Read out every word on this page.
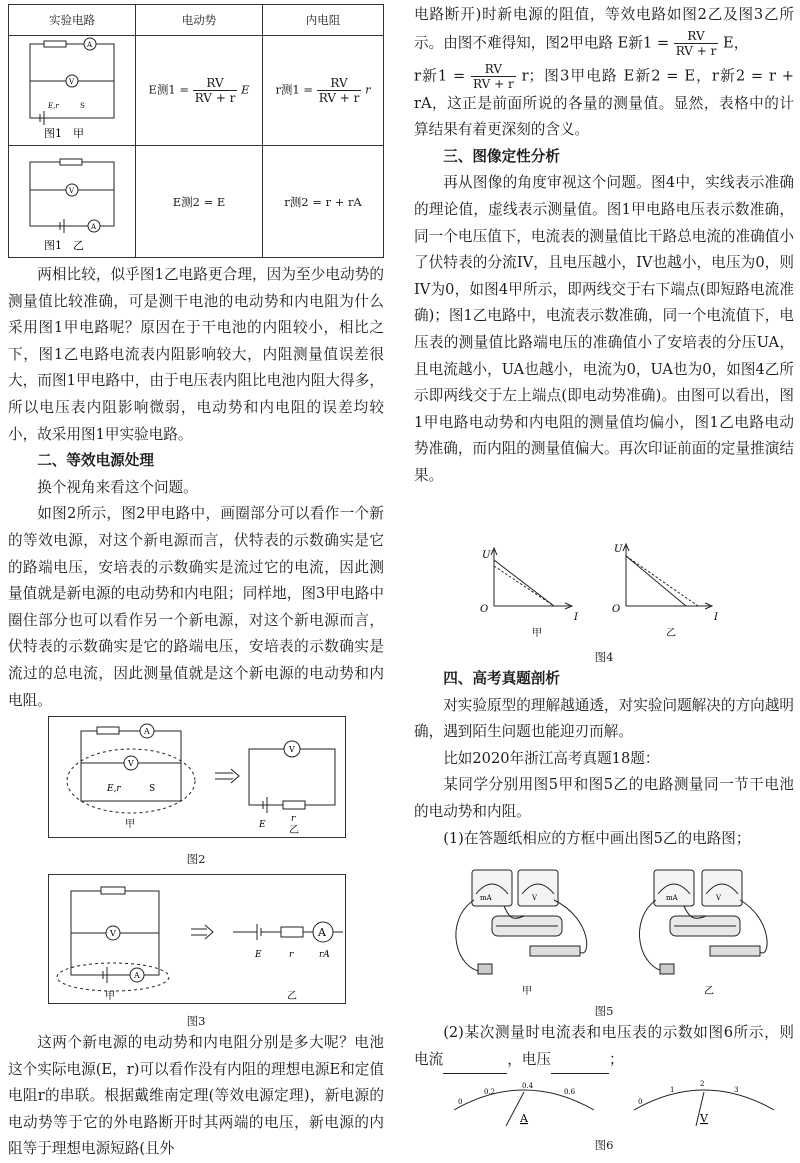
实验电路	电动势	内电阻

A
V
E,r S
图1　甲	E测$1 = \frac{RV}{RV + r}$ E	r测$1 = \frac{RV}{RV + r}$ r

V
A
图1　乙	E测2 = E	r测2 = r + rA

两相比较，似乎图1乙电路更合理，因为至少电动势的测量值比较准确，可是测干电池的电动势和内电阻为什么采用图1甲电路呢？原因在于干电池的内阻较小，相比之下，图1乙电路电流表内阻影响较大，内阻测量值误差很大，而图1甲电路中，由于电压表内阻比电池内阻大得多，所以电压表内阻影响微弱，电动势和内电阻的误差均较小，故采用图1甲实验电路。

二、等效电源处理

换个视角来看这个问题。

如图2所示，图2甲电路中，画圈部分可以看作一个新的等效电源，对这个新电源而言，伏特表的示数确实是它的路端电压，安培表的示数确实是流过它的电流，因此测量值就是新电源的电动势和内电阻；同样地，图3甲电路中圈住部分也可以看作另一个新电源，对这个新电源而言，伏特表的示数确实是它的路端电压，安培表的示数确实是流过的总电流，因此测量值就是这个新电源的电动势和内电阻。

V
A
V
E,r	S
E
r
甲
乙
图2
V
A
A
E	r	rA
甲	乙
图3

这两个新电源的电动势和内电阻分别是多大呢？电池这个实际电源(E，r)可以看作没有内阻的理想电源E和定值电阻r的串联。根据戴维南定理(等效电源定理)，新电源的电动势等于它的外电路断开时其两端的电压，新电源的内阻等于理想电源短路(且外

电路断开)时新电源的阻值，等效电路如图2乙及图3乙所示。由图不难得知，图2甲电路 E新$1 = \frac{RV}{RV + r}$ E，

r新$1 = \frac{RV}{RV + r}$ r；图3甲电路 E新2 = E，r新2 = r + rA，这正是前面所说的各量的测量值。显然，表格中的计算结果有着更深刻的含义。

三、图像定性分析

再从图像的角度审视这个问题。图4中，实线表示准确的理论值，虚线表示测量值。图1甲电路电压表示数准确，同一个电压值下，电流表的测量值比干路总电流的准确值小了伏特表的分流IV，且电压越小，IV也越小，电压为0，则IV为0，如图4甲所示，即两线交于右下端点(即短路电流准确)；图1乙电路中，电流表示数准确，同一个电流值下，电压表的测量值比路端电压的准确值小了安培表的分压UA，且电流越小，UA也越小，电流为0，UA也为0，如图4乙所示即两线交于左上端点(即电动势准确)。由图可以看出，图1甲电路电动势和内电阻的测量值均偏小，图1乙电路电动势准确，而内阻的测量值偏大。再次印证前面的定量推演结果。

U
O
I
U
O
I
甲	乙
图4
四、高考真题剖析

对实验原型的理解越通透，对实验问题解决的方向越明确，遇到陌生问题也能迎刃而解。

比如2020年浙江高考真题18题：

某同学分别用图5甲和图5乙的电路测量同一节干电池的电动势和内阻。

(1)在答题纸相应的方框中画出图5乙的电路图；

mA	V	mA	V
甲	乙
图5

(2)某次测量时电流表和电压表的示数如图6所示，则电流	，电压	；

0
0.2
0.4
0.6
0
1
2
3
A	V
图6
